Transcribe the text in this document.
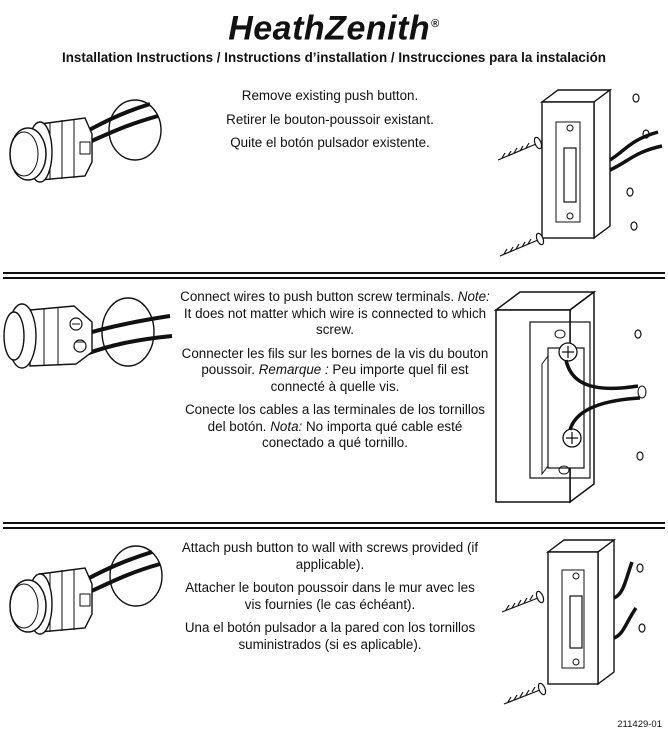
HeathZenith®
Installation Instructions / Instructions d’installation / Instrucciones para la instalación

Remove existing push button.

Retirer le bouton-poussoir existant.

Quite el botón pulsador existente.

Connect wires to push button screw terminals. Note: It does not matter which wire is connected to which screw.

Connecter les fils sur les bornes de la vis du bouton poussoir. Remarque : Peu importe quel fil est connecté à quelle vis.

Conecte los cables a las terminales de los tornillos del botón. Nota: No importa qué cable esté conectado a qué tornillo.

Attach push button to wall with screws provided (if applicable).

Attacher le bouton poussoir dans le mur avec les vis fournies (le cas échéant).

Una el botón pulsador a la pared con los tornillos suministrados (si es aplicable).

211429-01
